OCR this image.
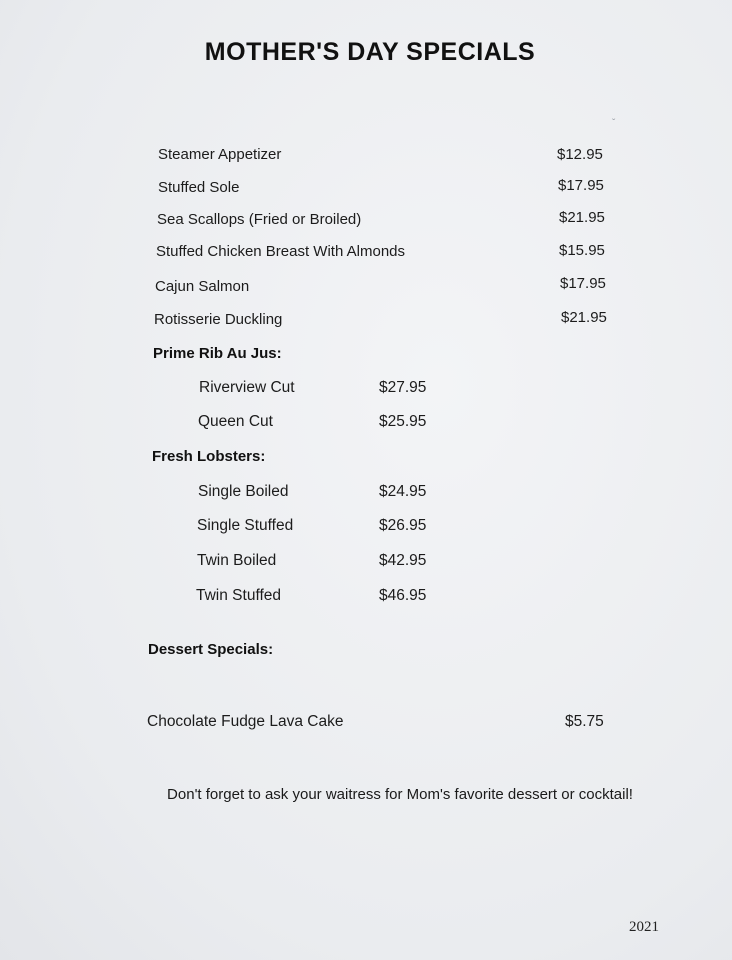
MOTHER'S DAY SPECIALS
ˇ
Steamer Appetizer	$12.95
Stuffed Sole	$17.95
Sea Scallops (Fried or Broiled)	$21.95
Stuffed Chicken Breast With Almonds	$15.95
Cajun Salmon	$17.95
Rotisserie Duckling	$21.95
Prime Rib Au Jus:
Riverview Cut	$27.95
Queen Cut	$25.95
Fresh Lobsters:
Single Boiled	$24.95
Single Stuffed	$26.95
Twin Boiled	$42.95
Twin Stuffed	$46.95
Dessert Specials:
Chocolate Fudge Lava Cake	$5.75
Don't forget to ask your waitress for Mom's favorite dessert or cocktail!
2021
